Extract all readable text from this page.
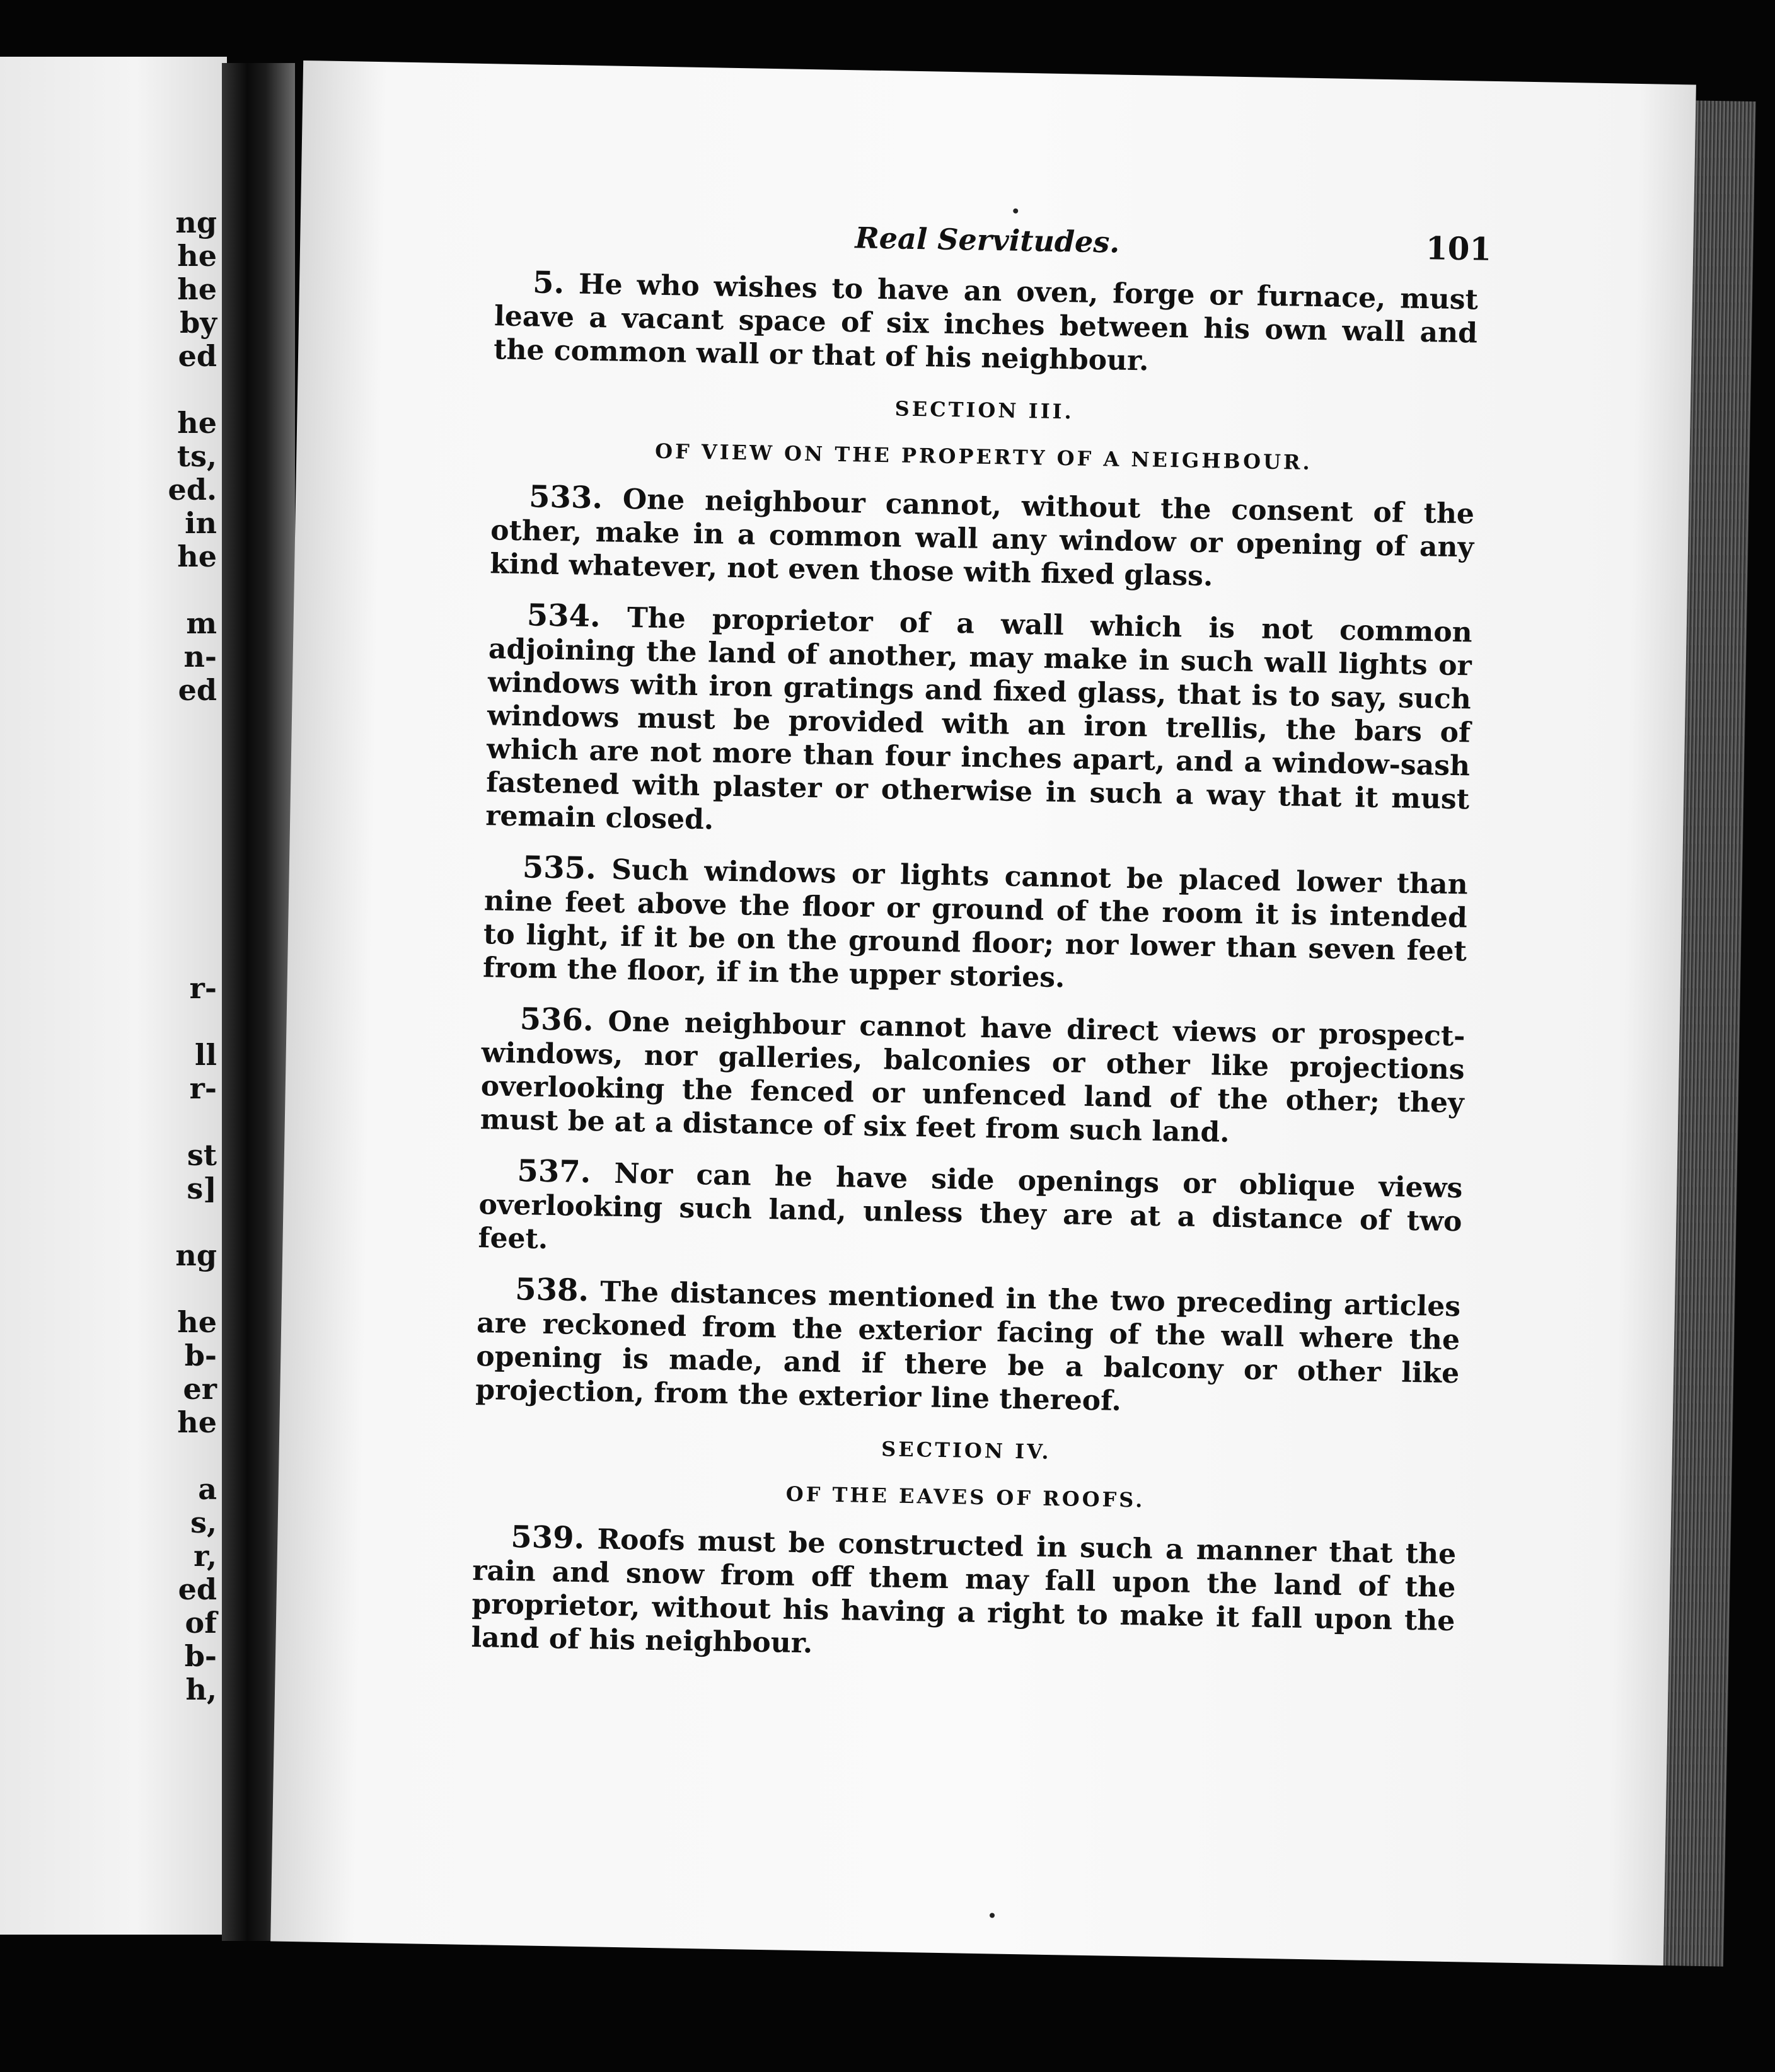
ng
he
he
by
ed
he
ts,
ed.
in
he
m
n-
ed
r-
ll
r-
st
s]
ng
he
b-
er
he
a
s,
r,
ed
of
b-
h,
Real Servitudes.	101

5. He who wishes to have an oven, forge or furnace, must leave a vacant space of six inches between his own wall and the common wall or that of his neighbour.

SECTION III.
OF VIEW ON THE PROPERTY OF A NEIGHBOUR.

533. One neighbour cannot, without the consent of the other, make in a common wall any window or opening of any kind whatever, not even those with fixed glass.

534. The proprietor of a wall which is not common adjoining the land of another, may make in such wall lights or windows with iron gratings and fixed glass, that is to say, such windows must be provided with an iron trellis, the bars of which are not more than four inches apart, and a window-sash fastened with plaster or otherwise in such a way that it must remain closed.

535. Such windows or lights cannot be placed lower than nine feet above the floor or ground of the room it is intended to light, if it be on the ground floor; nor lower than seven feet from the floor, if in the upper stories.

536. One neighbour cannot have direct views or prospect-windows, nor galleries, balconies or other like projections overlooking the fenced or unfenced land of the other; they must be at a distance of six feet from such land.

537. Nor can he have side openings or oblique views overlooking such land, unless they are at a distance of two feet.

538. The distances mentioned in the two preceding articles are reckoned from the exterior facing of the wall where the opening is made, and if there be a balcony or other like projection, from the exterior line thereof.

SECTION IV.
OF THE EAVES OF ROOFS.

539. Roofs must be constructed in such a manner that the rain and snow from off them may fall upon the land of the proprietor, without his having a right to make it fall upon the land of his neighbour.
